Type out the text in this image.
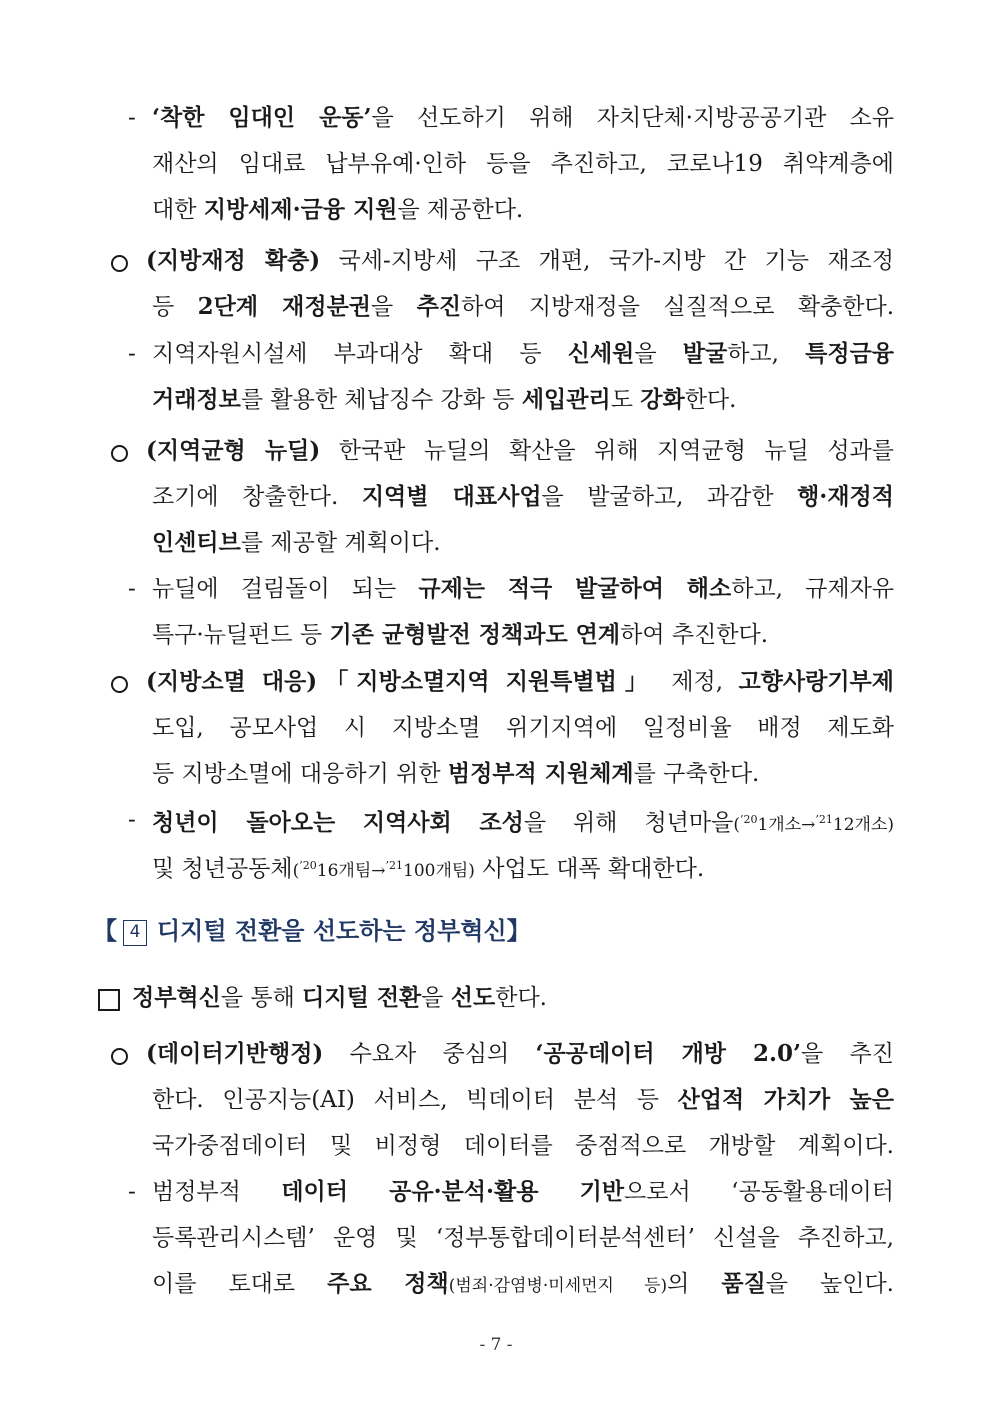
- ‘착한 임대인 운동’을 선도하기 위해 자치단체·지방공공기관 소유
재산의 임대료 납부유예·인하 등을 추진하고, 코로나19 취약계층에
대한 지방세제·금융 지원을 제공한다.
(지방재정 확충) 국세-지방세 구조 개편, 국가-지방 간 기능 재조정
등 2단계 재정분권을 추진하여 지방재정을 실질적으로 확충한다.
- 지역자원시설세 부과대상 확대 등 신세원을 발굴하고, 특정금융
거래정보를 활용한 체납징수 강화 등 세입관리도 강화한다.
(지역균형 뉴딜) 한국판 뉴딜의 확산을 위해 지역균형 뉴딜 성과를
조기에 창출한다. 지역별 대표사업을 발굴하고, 과감한 행·재정적
인센티브를 제공할 계획이다.
- 뉴딜에 걸림돌이 되는 규제는 적극 발굴하여 해소하고, 규제자유
특구·뉴딜펀드 등 기존 균형발전 정책과도 연계하여 추진한다.
(지방소멸 대응)「지방소멸지역 지원특별법」 제정, 고향사랑기부제
도입, 공모사업 시 지방소멸 위기지역에 일정비율 배정 제도화
등 지방소멸에 대응하기 위한 범정부적 지원체계를 구축한다.
- 청년이 돌아오는 지역사회 조성을 위해 청년마을($^{’20}$1개소→$^{’21}$12개소)
및 청년공동체($^{’20}$16개팀→$^{’21}$100개팀) 사업도 대폭 확대한다.
【 4 디지털 전환을 선도하는 정부혁신】
정부혁신을 통해 디지털 전환을 선도한다.
(데이터기반행정) 수요자 중심의 ‘공공데이터 개방 2.0’을 추진
한다. 인공지능(AI) 서비스, 빅데이터 분석 등 산업적 가치가 높은
국가중점데이터 및 비정형 데이터를 중점적으로 개방할 계획이다.
- 범정부적 데이터 공유·분석·활용 기반으로서 ‘공동활용데이터
등록관리시스템’ 운영 및 ‘정부통합데이터분석센터’ 신설을 추진하고,
이를 토대로 주요 정책(범죄·감염병·미세먼지 등)의 품질을 높인다.
- 7 -
